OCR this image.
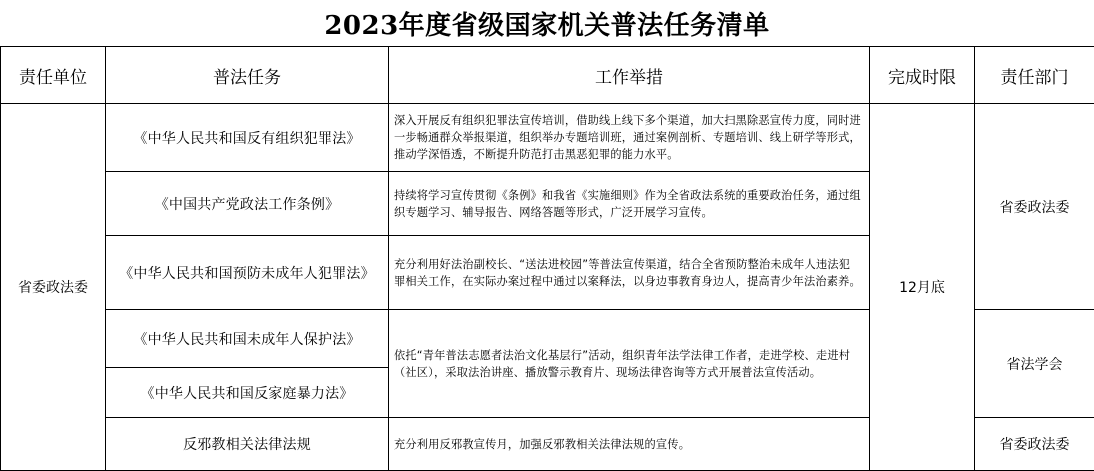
2023年度省级国家机关普法任务清单
责任单位	普法任务	工作举措	完成时限	责任部门
省委政法委	《中华人民共和国反有组织犯罪法》	深入开展反有组织犯罪法宣传培训，借助线上线下多个渠道，加大扫黑除恶宣传力度，同时进一步畅通群众举报渠道，组织举办专题培训班，通过案例剖析、专题培训、线上研学等形式，推动学深悟透，不断提升防范打击黑恶犯罪的能力水平。	12月底	省委政法委
	《中国共产党政法工作条例》	持续将学习宣传贯彻《条例》和我省《实施细则》作为全省政法系统的重要政治任务，通过组织专题学习、辅导报告、网络答题等形式，广泛开展学习宣传。		
	《中华人民共和国预防未成年人犯罪法》	充分利用好法治副校长、“送法进校园”等普法宣传渠道，结合全省预防整治未成年人违法犯罪相关工作，在实际办案过程中通过以案释法，以身边事教育身边人，提高青少年法治素养。		
	《中华人民共和国未成年人保护法》	依托“青年普法志愿者法治文化基层行”活动，组织青年法学法律工作者，走进学校、走进村（社区），采取法治讲座、播放警示教育片、现场法律咨询等方式开展普法宣传活动。		省法学会
	《中华人民共和国反家庭暴力法》			
	反邪教相关法律法规	充分利用反邪教宣传月，加强反邪教相关法律法规的宣传。		省委政法委
